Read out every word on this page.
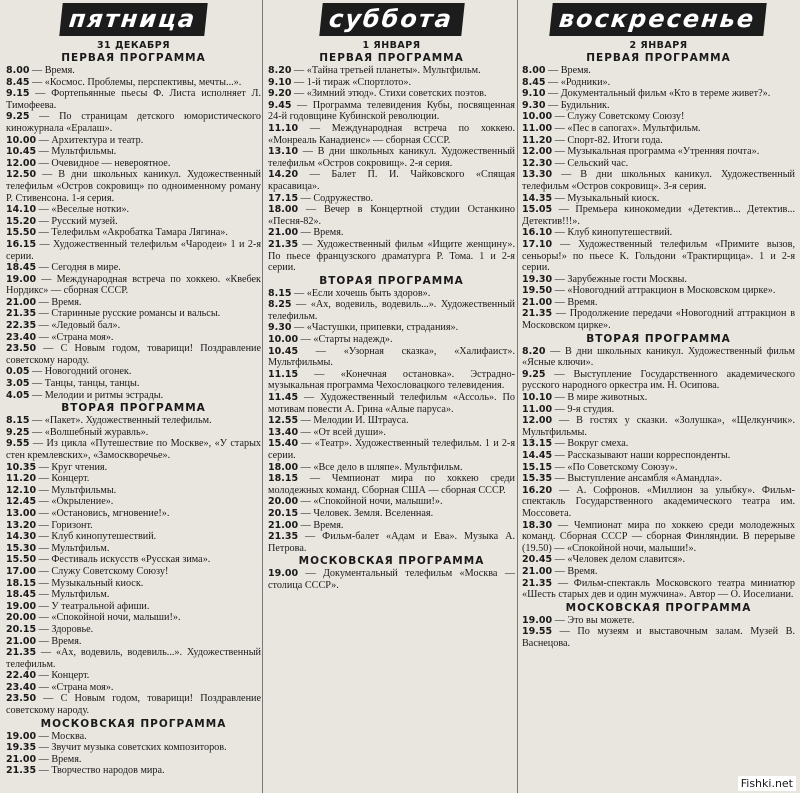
пятница
31 ДЕКАБРЯ
ПЕРВАЯ ПРОГРАММА
8.00 — Время.
8.45 — «Космос. Проблемы, перспективы, мечты...».
9.15 — Фортепьянные пьесы Ф. Листа исполняет Л. Тимофеева.
9.25 — По страницам детского юмористического киножурнала «Ералаш».
10.00 — Архитектура и театр.
10.45 — Мультфильмы.
12.00 — Очевидное — невероятное.
12.50 — В дни школьных каникул. Художественный телефильм «Остров сокровищ» по одноименному роману Р. Стивенсона. 1-я серия.
14.10 — «Веселые нотки».
15.20 — Русский музей.
15.50 — Телефильм «Акробатка Тамара Лягина».
16.15 — Художественный телефильм «Чародеи» 1 и 2-я серии.
18.45 — Сегодня в мире.
19.00 — Международная встреча по хоккею. «Квебек Нордикс» — сборная СССР.
21.00 — Время.
21.35 — Старинные русские романсы и вальсы.
22.35 — «Ледовый бал».
23.40 — «Страна моя».
23.50 — С Новым годом, товарищи! Поздравление советскому народу.
0.05 — Новогодний огонек.
3.05 — Танцы, танцы, танцы.
4.05 — Мелодии и ритмы эстрады.
ВТОРАЯ ПРОГРАММА
8.15 — «Пакет». Художественный телефильм.
9.25 — «Волшебный журавль».
9.55 — Из цикла «Путешествие по Москве», «У старых стен кремлевских», «Замоскворечье».
10.35 — Круг чтения.
11.20 — Концерт.
12.10 — Мультфильмы.
12.45 — «Окрыление».
13.00 — «Остановись, мгновение!».
13.20 — Горизонт.
14.30 — Клуб кинопутешествий.
15.30 — Мультфильм.
15.50 — Фестиваль искусств «Русская зима».
17.00 — Служу Советскому Союзу!
18.15 — Музыкальный киоск.
18.45 — Мультфильм.
19.00 — У театральной афиши.
20.00 — «Спокойной ночи, малыши!».
20.15 — Здоровье.
21.00 — Время.
21.35 — «Ах, водевиль, водевиль...». Художественный телефильм.
22.40 — Концерт.
23.40 — «Страна моя».
23.50 — С Новым годом, товарищи! Поздравление советскому народу.
МОСКОВСКАЯ ПРОГРАММА
19.00 — Москва.
19.35 — Звучит музыка советских композиторов.
21.00 — Время.
21.35 — Творчество народов мира.
суббота
1 ЯНВАРЯ
ПЕРВАЯ ПРОГРАММА
8.20 — «Тайна третьей планеты». Мультфильм.
9.10 — 1-й тираж «Спортлото».
9.20 — «Зимний этюд». Стихи советских поэтов.
9.45 — Программа телевидения Кубы, посвященная 24-й годовщине Кубинской революции.
11.10 — Международная встреча по хоккею. «Монреаль Канадиенс» — сборная СССР.
13.10 — В дни школьных каникул. Художественный телефильм «Остров сокровищ». 2-я серия.
14.20 — Балет П. И. Чайковского «Спящая красавица».
17.15 — Содружество.
18.00 — Вечер в Концертной студии Останкино «Песня-82».
21.00 — Время.
21.35 — Художественный фильм «Ищите женщину». По пьесе французского драматурга Р. Тома. 1 и 2-я серии.
ВТОРАЯ ПРОГРАММА
8.15 — «Если хочешь быть здоров».
8.25 — «Ах, водевиль, водевиль...». Художественный телефильм.
9.30 — «Частушки, припевки, страдания».
10.00 — «Старты надежд».
10.45 — «Узорная сказка», «Халифаист». Мультфильмы.
11.15 — «Конечная остановка». Эстрадно-музыкальная программа Чехословацкого телевидения.
11.45 — Художественный телефильм «Ассоль». По мотивам повести А. Грина «Алые паруса».
12.55 — Мелодии И. Штрауса.
13.40 — «От всей души».
15.40 — «Театр». Художественный телефильм. 1 и 2-я серии.
18.00 — «Все дело в шляпе». Мультфильм.
18.15 — Чемпионат мира по хоккею среди молодежных команд. Сборная США — сборная СССР.
20.00 — «Спокойной ночи, малыши!».
20.15 — Человек. Земля. Вселенная.
21.00 — Время.
21.35 — Фильм-балет «Адам и Ева». Музыка А. Петрова.
МОСКОВСКАЯ ПРОГРАММА
19.00 — Документальный телефильм «Москва — столица СССР».
воскресенье
2 ЯНВАРЯ
ПЕРВАЯ ПРОГРАММА
8.00 — Время.
8.45 — «Родники».
9.10 — Документальный фильм «Кто в тереме живет?».
9.30 — Будильник.
10.00 — Служу Советскому Союзу!
11.00 — «Пес в сапогах». Мультфильм.
11.20 — Спорт-82. Итоги года.
12.00 — Музыкальная программа «Утренняя почта».
12.30 — Сельский час.
13.30 — В дни школьных каникул. Художественный телефильм «Остров сокровищ». 3-я серия.
14.35 — Музыкальный киоск.
15.05 — Премьера кинокомедии «Детектив... Детектив... Детектив!!!».
16.10 — Клуб кинопутешествий.
17.10 — Художественный телефильм «Примите вызов, сеньоры!» по пьесе К. Гольдони «Трактирщица». 1 и 2-я серии.
19.30 — Зарубежные гости Москвы.
19.50 — «Новогодний аттракцион в Московском цирке».
21.00 — Время.
21.35 — Продолжение передачи «Новогодний аттракцион в Московском цирке».
ВТОРАЯ ПРОГРАММА
8.20 — В дни школьных каникул. Художественный фильм «Ясные ключи».
9.25 — Выступление Государственного академического русского народного оркестра им. Н. Осипова.
10.10 — В мире животных.
11.00 — 9-я студия.
12.00 — В гостях у сказки. «Золушка», «Щелкунчик». Мультфильмы.
13.15 — Вокруг смеха.
14.45 — Рассказывают наши корреспонденты.
15.15 — «По Советскому Союзу».
15.35 — Выступление ансамбля «Амандла».
16.20 — А. Софронов. «Миллион за улыбку». Фильм-спектакль Государственного академического театра им. Моссовета.
18.30 — Чемпионат мира по хоккею среди молодежных команд. Сборная СССР — сборная Финляндии. В перерыве (19.50) — «Спокойной ночи, малыши!».
20.45 — «Человек делом славится».
21.00 — Время.
21.35 — Фильм-спектакль Московского театра миниатюр «Шесть старых дев и один мужчина». Автор — О. Иоселиани.
МОСКОВСКАЯ ПРОГРАММА
19.00 — Это вы можете.
19.55 — По музеям и выставочным залам. Музей В. Васнецова.
Fishki.net
